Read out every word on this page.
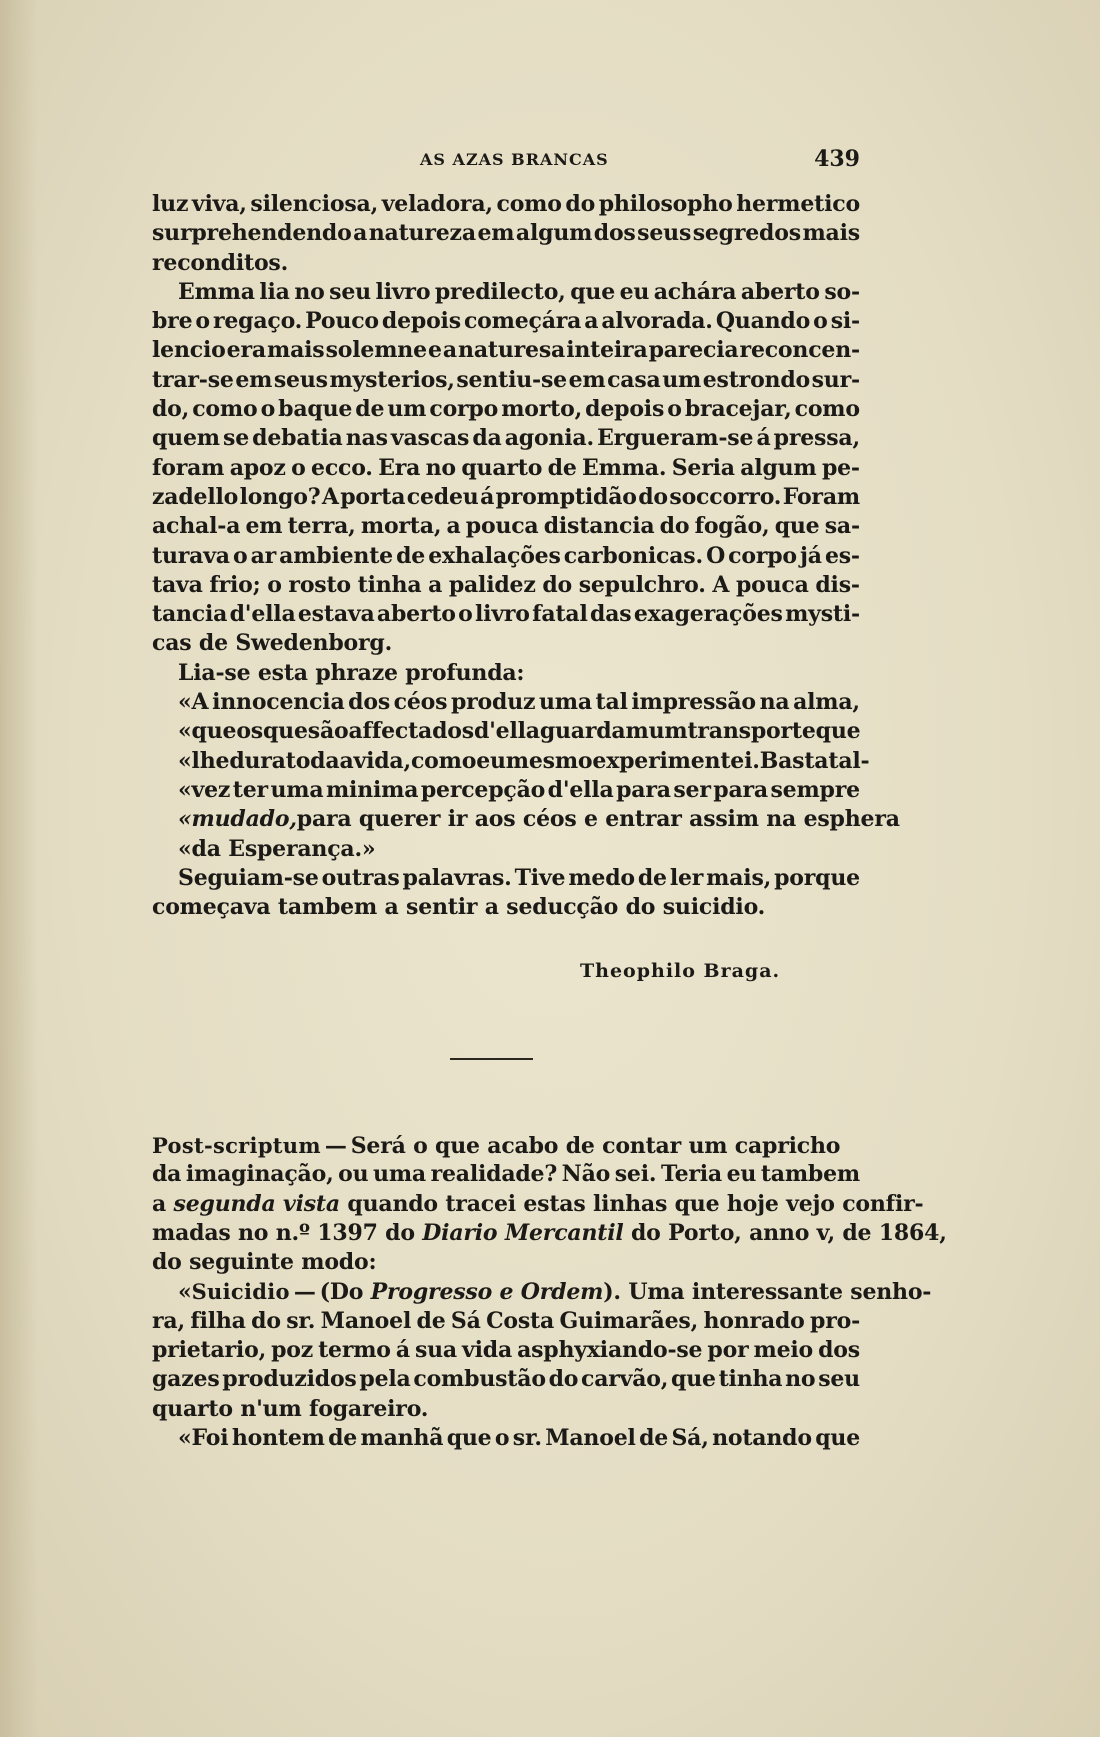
AS AZAS BRANCAS	439
luz viva, silenciosa, veladora, como do philosopho hermetico
surprehendendo a natureza em algum dos seus segredos mais
reconditos.
Emma lia no seu livro predilecto, que eu achára aberto so-
bre o regaço. Pouco depois começára a alvorada. Quando o si-
lencio era mais solemne e a naturesa inteira parecia reconcen-
trar-se em seus mysterios, sentiu-se em casa um estrondo sur-
do, como o baque de um corpo morto, depois o bracejar, como
quem se debatia nas vascas da agonia. Ergueram-se á pressa,
foram apoz o ecco. Era no quarto de Emma. Seria algum pe-
zadello longo? A porta cedeu á promptidão do soccorro. Foram
achal-a em terra, morta, a pouca distancia do fogão, que sa-
turava o ar ambiente de exhalações carbonicas. O corpo já es-
tava frio; o rosto tinha a palidez do sepulchro. A pouca dis-
tancia d'ella estava aberto o livro fatal das exagerações mysti-
cas de Swedenborg.
Lia-se esta phraze profunda:
«A innocencia dos céos produz uma tal impressão na alma,
«que os que são affectados d'ella guardam um transporte que
«lhe dura toda a vida, como eu mesmo experimentei. Basta tal-
«vez ter uma minima percepção d'ella para ser para sempre
«mudado, para querer ir aos céos e entrar assim na esphera
«da Esperança.»
Seguiam-se outras palavras. Tive medo de ler mais, porque
começava tambem a sentir a seducção do suicidio.
Theophilo Braga.
Post-scriptum — Será o que acabo de contar um capricho
da imaginação, ou uma realidade? Não sei. Teria eu tambem
a segunda vista quando tracei estas linhas que hoje vejo confir-
madas no n.º 1397 do Diario Mercantil do Porto, anno v, de 1864,
do seguinte modo:
«Suicidio — (Do Progresso e Ordem). Uma interessante senho-
ra, filha do sr. Manoel de Sá Costa Guimarães, honrado pro-
prietario, poz termo á sua vida asphyxiando-se por meio dos
gazes produzidos pela combustão do carvão, que tinha no seu
quarto n'um fogareiro.
«Foi hontem de manhã que o sr. Manoel de Sá, notando que
